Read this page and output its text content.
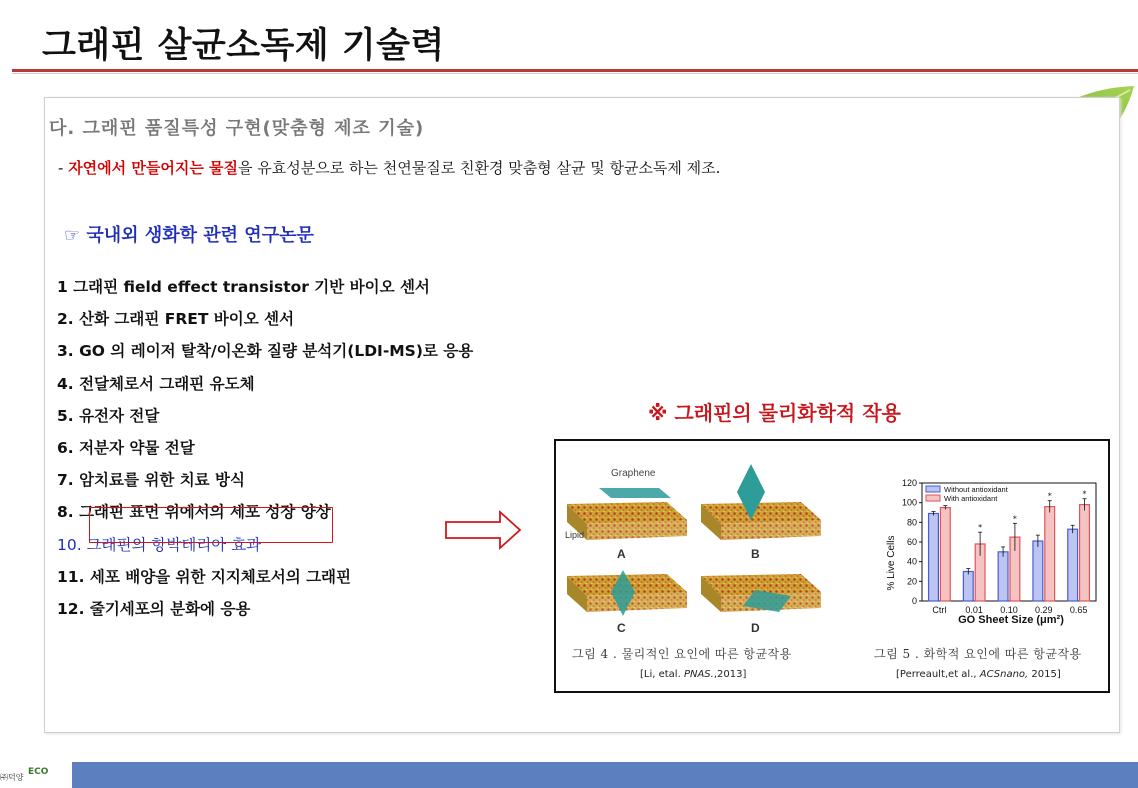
그래핀 살균소독제 기술력
다. 그래핀 품질특성 구현(맞춤형 제조 기술)
- 자연에서 만들어지는 물질을 유효성분으로 하는 천연물질로 친환경 맞춤형 살균 및 항균소독제 제조.
☞ 국내외 생화학 관련 연구논문
1 그래핀 field effect transistor 기반 바이오 센서
2. 산화 그래핀 FRET 바이오 센서
3. GO 의 레이저 탈착/이온화 질량 분석기(LDI-MS)로 응용
4. 전달체로서 그래핀 유도체
5. 유전자 전달
6. 저분자 약물 전달
7. 암치료를 위한 치료 방식
8. 그래핀 표면 위에서의 세포 성장 양상
10. 그래핀의 항박테리아 효과
11. 세포 배양을 위한 지지체로서의 그래핀
12. 줄기세포의 분화에 응용
※ 그래핀의 물리화학적 작용
Graphene
Lipid
A	B
C	D
% Live Cells
GO Sheet Size (μm²)
0
20
40
60
80
100
120
Ctrl
*
0.01
*
0.10
*
0.29
*
0.65
Without antioxidant
With antioxidant
그림 4 . 물리적인 요인에 따른 항균작용
[Li, etal. PNAS.,2013]
그림 5 . 화학적 요인에 따른 항균작용
[Perreault,et al., ACSnano, 2015]
㈜덕양
ECO
